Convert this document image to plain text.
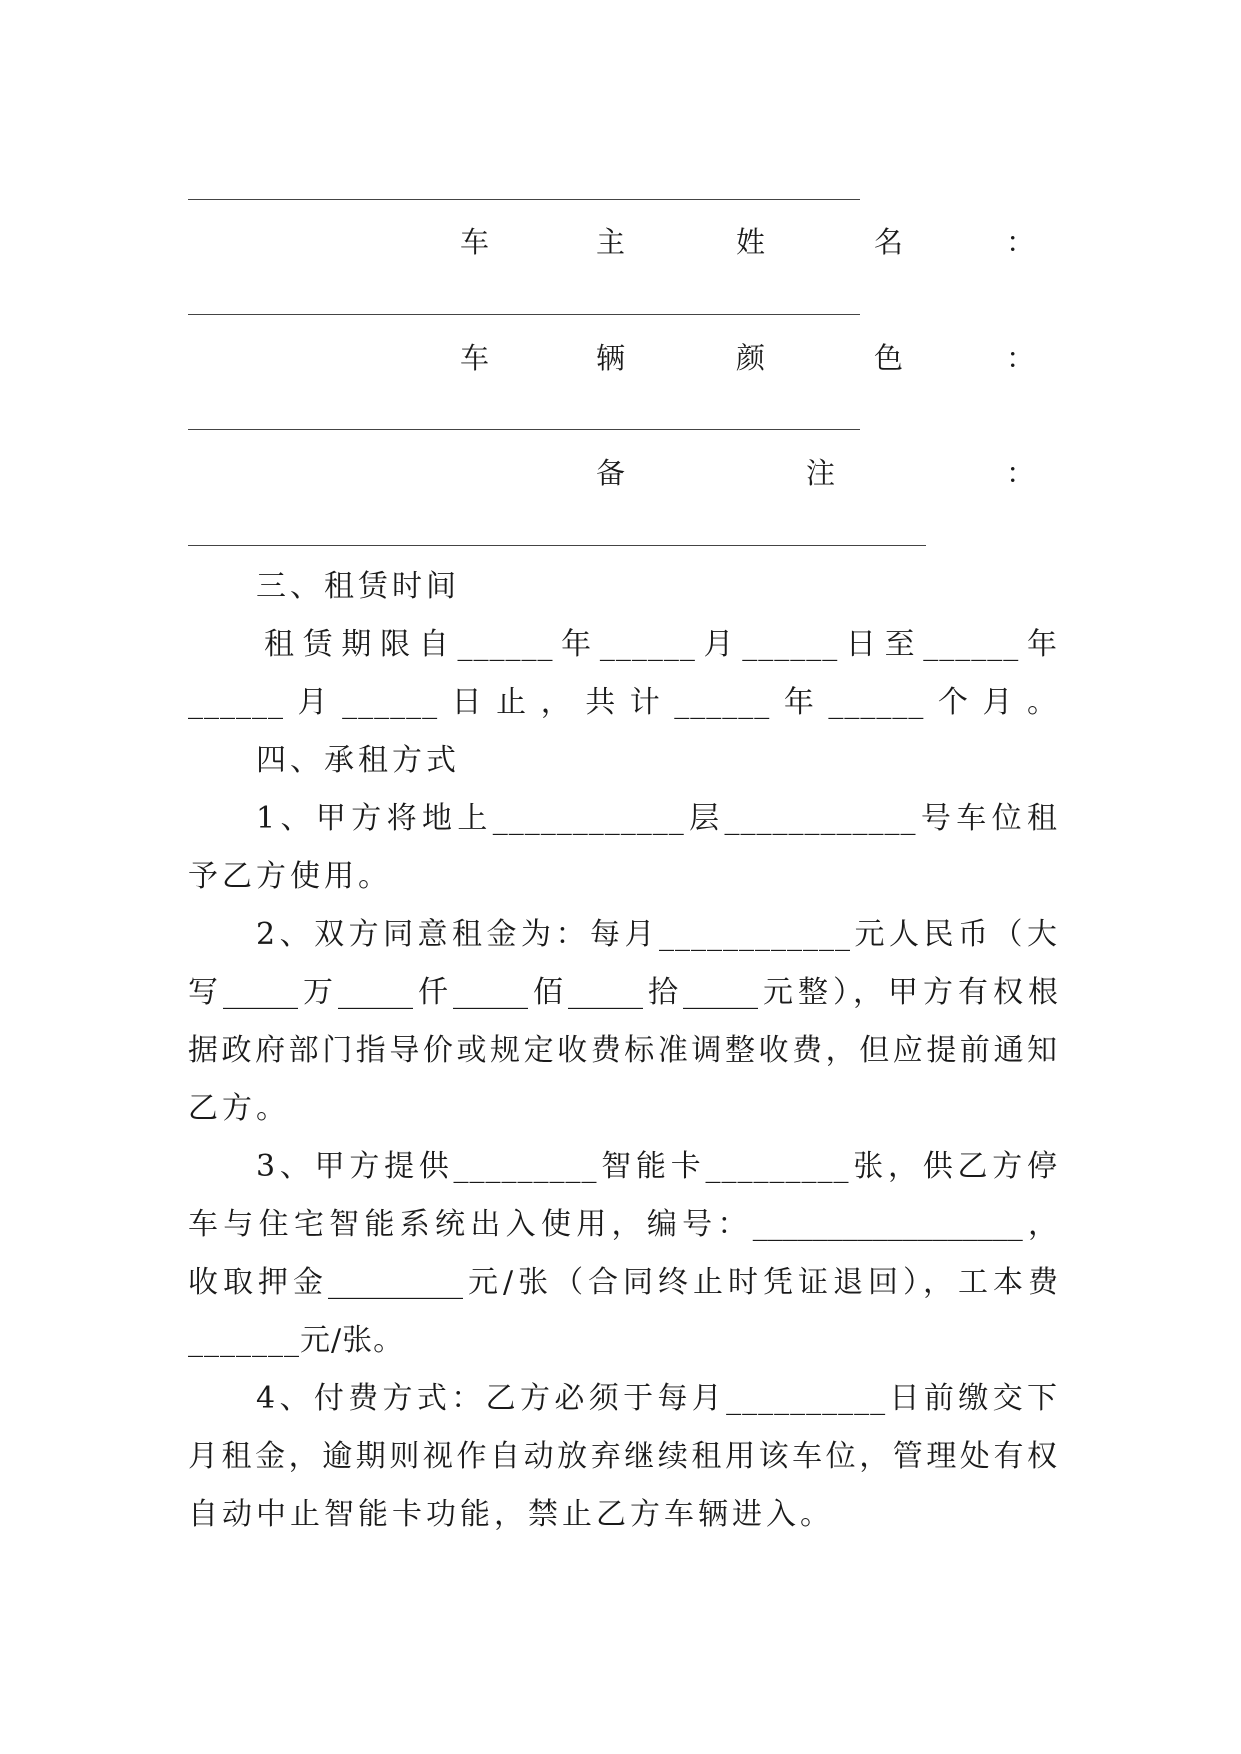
车	主	姓	名	：
车	辆	颜	色	：
备	注	：
三、租赁时间
租赁期限自______年______月______日至______年
______月______日止，共计______年______个月。
四、承租方式
1、甲方将地上____________层____________号车位租
予乙方使用。
2、双方同意租金为：每月____________元人民币（大
写_____万_____仟_____佰_____拾_____元整），甲方有权根
据政府部门指导价或规定收费标准调整收费，但应提前通知
乙方。
3、甲方提供_________智能卡_________张，供乙方停
车与住宅智能系统出入使用，编号：__________________，
收取押金_________元/张（合同终止时凭证退回），工本费
_______元/张。
4、付费方式：乙方必须于每月__________日前缴交下
月租金，逾期则视作自动放弃继续租用该车位，管理处有权
自动中止智能卡功能，禁止乙方车辆进入。
